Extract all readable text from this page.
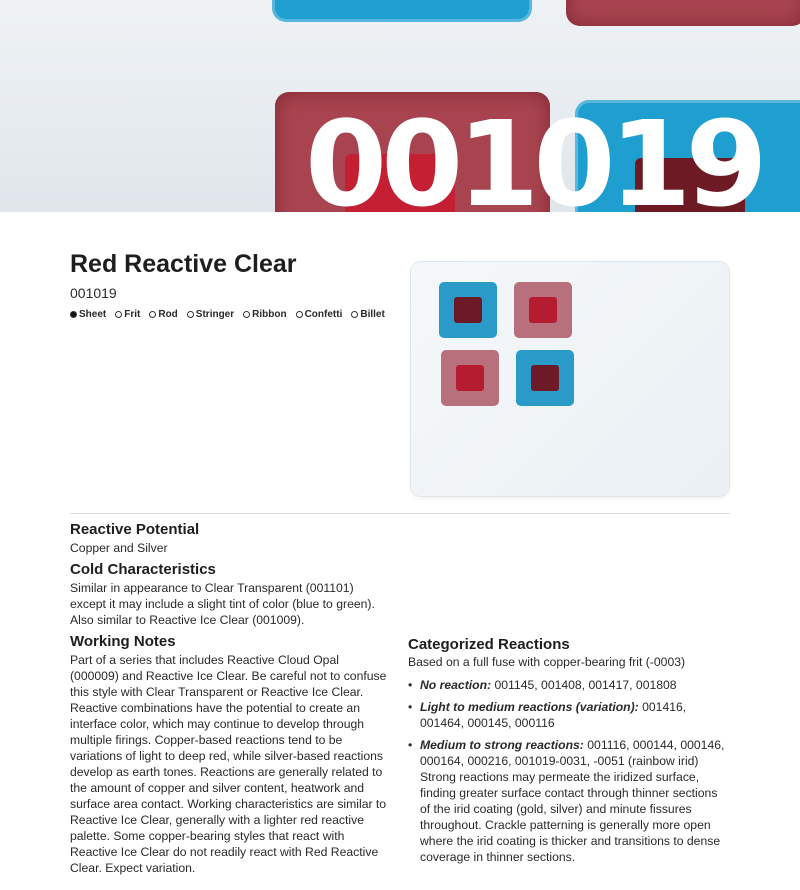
001019
Red Reactive Clear
001019
Sheet Frit Rod Stringer Ribbon Confetti Billet
Reactive Potential

Copper and Silver

Cold Characteristics

Similar in appearance to Clear Transparent (001101) except it may include a slight tint of color (blue to green). Also similar to Reactive Ice Clear (001009).

Working Notes

Part of a series that includes Reactive Cloud Opal (000009) and Reactive Ice Clear. Be careful not to confuse this style with Clear Transparent or Reactive Ice Clear. Reactive combinations have the potential to create an interface color, which may continue to develop through multiple firings. Copper-based reactions tend to be variations of light to deep red, while silver-based reactions develop as earth tones. Reactions are generally related to the amount of copper and silver content, heatwork and surface area contact. Working characteristics are similar to Reactive Ice Clear, generally with a lighter red reactive palette. Some copper-bearing styles that react with Reactive Ice Clear do not readily react with Red Reactive Clear. Expect variation.

Categorized Reactions
Based on a full fuse with copper-bearing frit (-0003)
• No reaction: 001145, 001408, 001417, 001808
• Light to medium reactions (variation): 001416, 001464, 000145, 000116
• Medium to strong reactions: 001116, 000144, 000146, 000164, 000216, 001019-0031, -0051 (rainbow irid) Strong reactions may permeate the iridized surface, finding greater surface contact through thinner sections of the irid coating (gold, silver) and minute fissures throughout. Crackle patterning is generally more open where the irid coating is thicker and transitions to dense coverage in thinner sections.
